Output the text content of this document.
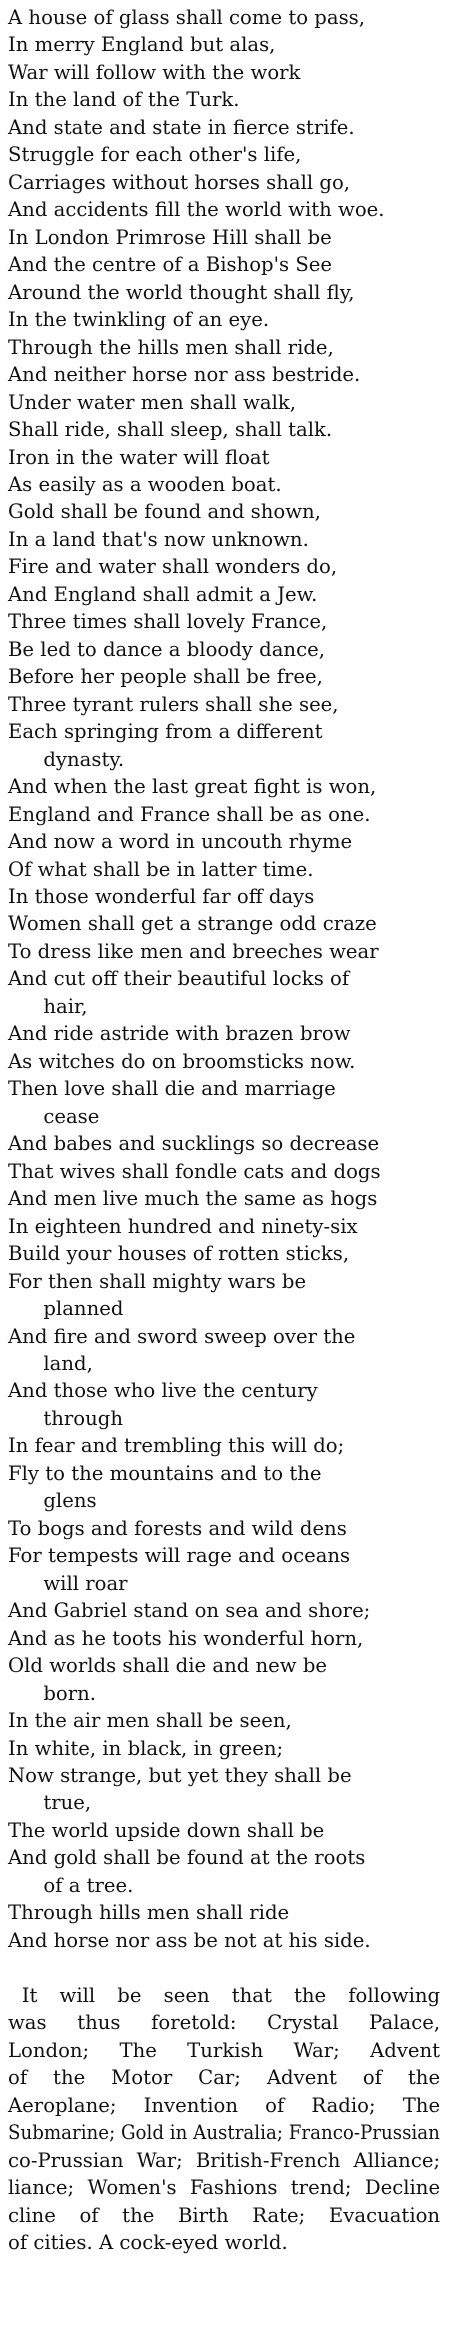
A house of glass shall come to pass,
In merry England but alas,
War will follow with the work
In the land of the Turk.
And state and state in fierce strife.
Struggle for each other's life,
Carriages without horses shall go,
And accidents fill the world with woe.
In London Primrose Hill shall be
And the centre of a Bishop's See
Around the world thought shall fly,
In the twinkling of an eye.
Through the hills men shall ride,
And neither horse nor ass bestride.
Under water men shall walk,
Shall ride, shall sleep, shall talk.
Iron in the water will float
As easily as a wooden boat.
Gold shall be found and shown,
In a land that's now unknown.
Fire and water shall wonders do,
And England shall admit a Jew.
Three times shall lovely France,
Be led to dance a bloody dance,
Before her people shall be free,
Three tyrant rulers shall she see,
Each springing from a different
dynasty.
And when the last great fight is won,
England and France shall be as one.
And now a word in uncouth rhyme
Of what shall be in latter time.
In those wonderful far off days
Women shall get a strange odd craze
To dress like men and breeches wear
And cut off their beautiful locks of
hair,
And ride astride with brazen brow
As witches do on broomsticks now.
Then love shall die and marriage
cease
And babes and sucklings so decrease
That wives shall fondle cats and dogs
And men live much the same as hogs
In eighteen hundred and ninety-six
Build your houses of rotten sticks,
For then shall mighty wars be
planned
And fire and sword sweep over the
land,
And those who live the century
through
In fear and trembling this will do;
Fly to the mountains and to the
glens
To bogs and forests and wild dens
For tempests will rage and oceans
will roar
And Gabriel stand on sea and shore;
And as he toots his wonderful horn,
Old worlds shall die and new be
born.
In the air men shall be seen,
In white, in black, in green;
Now strange, but yet they shall be
true,
The world upside down shall be
And gold shall be found at the roots
of a tree.
Through hills men shall ride
And horse nor ass be not at his side.
It will be seen that the following
was thus foretold: Crystal Palace,
London; The Turkish War; Advent
of the Motor Car; Advent of the
Aeroplane; Invention of Radio; The
Submarine; Gold in Australia; Franco-Prussian
co-Prussian War; British-French Alliance;
liance; Women's Fashions trend; Decline
cline of the Birth Rate; Evacuation
of cities. A cock-eyed world.
